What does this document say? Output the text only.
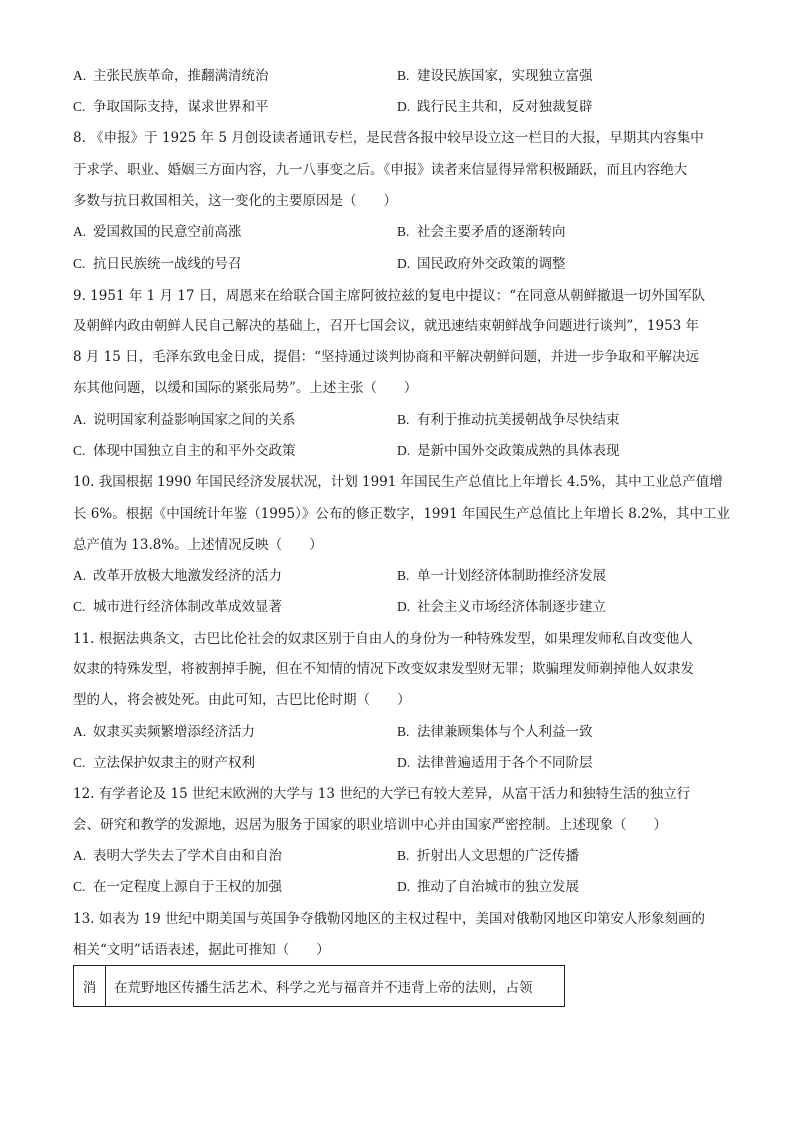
A. 主张民族革命，推翻满清统治	B. 建设民族国家，实现独立富强
C. 争取国际支持，谋求世界和平	D. 践行民主共和，反对独裁复辟
8. 《申报》于 1925 年 5 月创设读者通讯专栏，是民营各报中较早设立这一栏目的大报，早期其内容集中
于求学、职业、婚姻三方面内容，九一八事变之后。《申报》读者来信显得异常积极踊跃，而且内容绝大
多数与抗日救国相关，这一变化的主要原因是（　　）
A. 爱国救国的民意空前高涨	B. 社会主要矛盾的逐渐转向
C. 抗日民族统一战线的号召	D. 国民政府外交政策的调整
9. 1951 年 1 月 17 日，周恩来在给联合国主席阿彼拉兹的复电中提议：“在同意从朝鲜撤退一切外国军队
及朝鲜内政由朝鲜人民自己解决的基础上，召开七国会议，就迅速结束朝鲜战争问题进行谈判”，1953 年
8 月 15 日，毛泽东致电金日成，提倡：“坚持通过谈判协商和平解决朝鲜问题，并进一步争取和平解决远
东其他问题，以缓和国际的紧张局势”。上述主张（　　）
A. 说明国家利益影响国家之间的关系	B. 有利于推动抗美援朝战争尽快结束
C. 体现中国独立自主的和平外交政策	D. 是新中国外交政策成熟的具体表现
10. 我国根据 1990 年国民经济发展状况，计划 1991 年国民生产总值比上年增长 4.5%，其中工业总产值增
长 6%。根据《中国统计年鉴（1995）》公布的修正数字，1991 年国民生产总值比上年增长 8.2%，其中工业
总产值为 13.8%。上述情况反映（　　）
A. 改革开放极大地激发经济的活力	B. 单一计划经济体制助推经济发展
C. 城市进行经济体制改革成效显著	D. 社会主义市场经济体制逐步建立
11. 根据法典条文，古巴比伦社会的奴隶区别于自由人的身份为一种特殊发型，如果理发师私自改变他人
奴隶的特殊发型，将被割掉手腕，但在不知情的情况下改变奴隶发型财无罪；欺骗理发师剃掉他人奴隶发
型的人，将会被处死。由此可知，古巴比伦时期（　　）
A. 奴隶买卖频繁增添经济活力	B. 法律兼顾集体与个人利益一致
C. 立法保护奴隶主的财产权利	D. 法律普遍适用于各个不同阶层
12. 有学者论及 15 世纪末欧洲的大学与 13 世纪的大学已有较大差异，从富干活力和独特生活的独立行
会、研究和教学的发源地，迟居为服务于国家的职业培训中心并由国家严密控制。上述现象（　　）
A. 表明大学失去了学术自由和自治	B. 折射出人文思想的广泛传播
C. 在一定程度上源自于王权的加强	D. 推动了自治城市的独立发展
13. 如表为 19 世纪中期美国与英国争夺俄勒冈地区的主权过程中，美国对俄勒冈地区印第安人形象刻画的
相关“文明”话语表述，据此可推知（　　）
消	在荒野地区传播生活艺术、科学之光与福音并不违背上帝的法则，占领
